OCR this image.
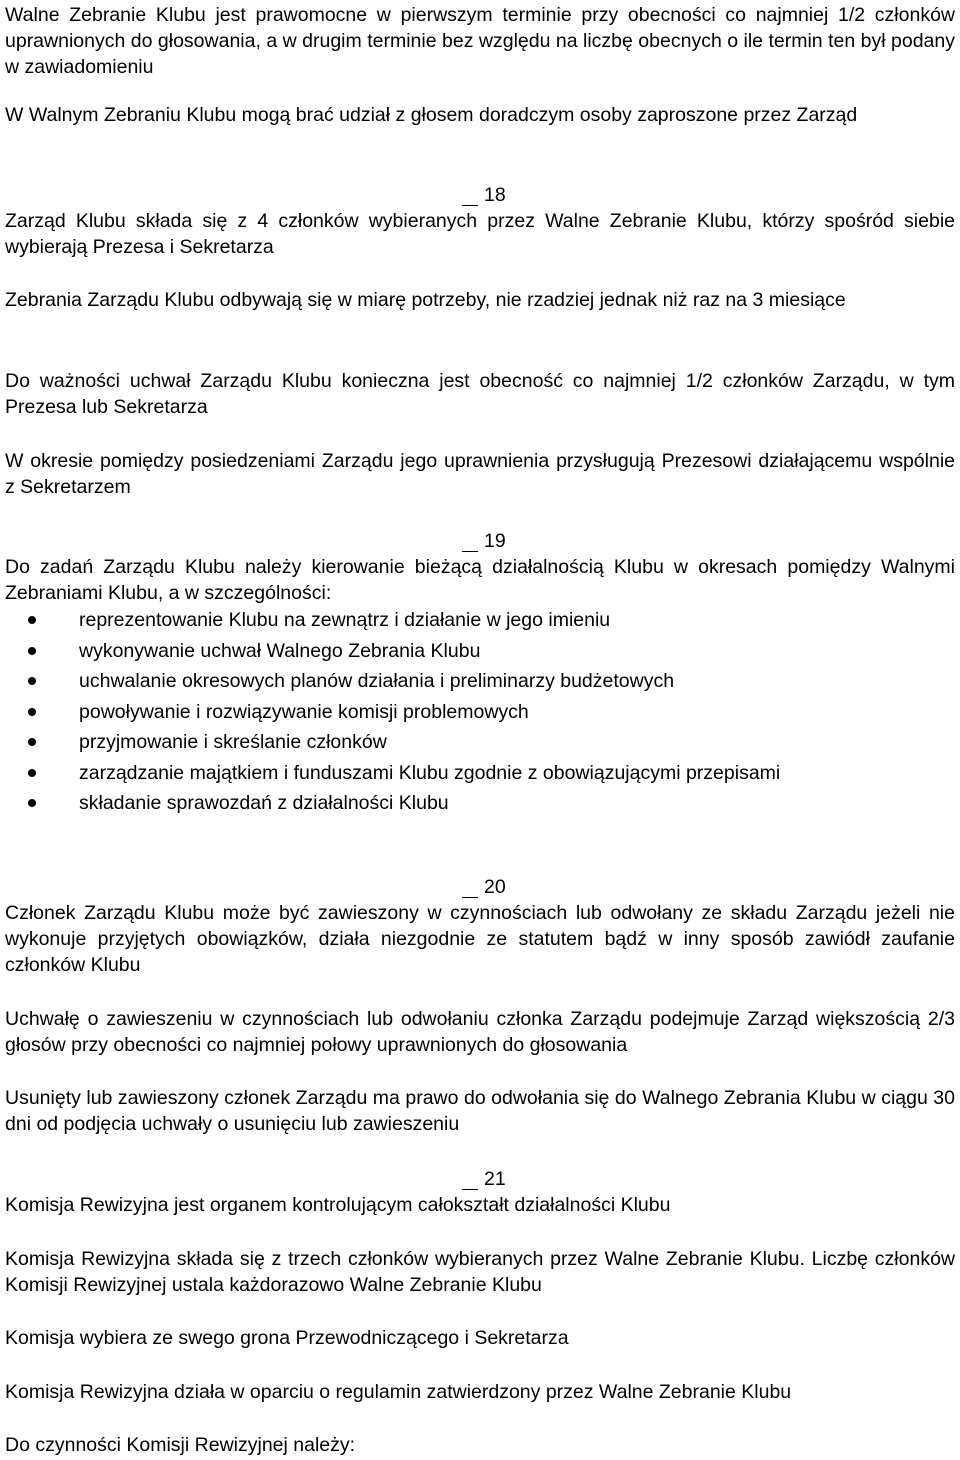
Walne Zebranie Klubu jest prawomocne w pierwszym terminie przy obecności co najmniej 1/2 członków uprawnionych do głosowania, a w drugim terminie bez względu na liczbę obecnych o ile termin ten był podany w zawiadomieniu

W Walnym Zebraniu Klubu mogą brać udział z głosem doradczym osoby zaproszone przez Zarząd

18

Zarząd Klubu składa się z 4 członków wybieranych przez Walne Zebranie Klubu, którzy spośród siebie wybierają Prezesa i Sekretarza

Zebrania Zarządu Klubu odbywają się w miarę potrzeby, nie rzadziej jednak niż raz na 3 miesiące

Do ważności uchwał Zarządu Klubu konieczna jest obecność co najmniej 1/2 członków Zarządu, w tym Prezesa lub Sekretarza

W okresie pomiędzy posiedzeniami Zarządu jego uprawnienia przysługują Prezesowi działającemu wspólnie z Sekretarzem

19

Do zadań Zarządu Klubu należy kierowanie bieżącą działalnością Klubu w okresach pomiędzy Walnymi Zebraniami Klubu, a w szczególności:

reprezentowanie Klubu na zewnątrz i działanie w jego imieniu
wykonywanie uchwał Walnego Zebrania Klubu
uchwalanie okresowych planów działania i preliminarzy budżetowych
powoływanie i rozwiązywanie komisji problemowych
przyjmowanie i skreślanie członków
zarządzanie majątkiem i funduszami Klubu zgodnie z obowiązującymi przepisami
składanie sprawozdań z działalności Klubu
20

Członek Zarządu Klubu może być zawieszony w czynnościach lub odwołany ze składu Zarządu jeżeli nie wykonuje przyjętych obowiązków, działa niezgodnie ze statutem bądź w inny sposób zawiódł zaufanie członków Klubu

Uchwałę o zawieszeniu w czynnościach lub odwołaniu członka Zarządu podejmuje Zarząd większością 2/3 głosów przy obecności co najmniej połowy uprawnionych do głosowania

Usunięty lub zawieszony członek Zarządu ma prawo do odwołania się do Walnego Zebrania Klubu w ciągu 30 dni od podjęcia uchwały o usunięciu lub zawieszeniu

21

Komisja Rewizyjna jest organem kontrolującym całokształt działalności Klubu

Komisja Rewizyjna składa się z trzech członków wybieranych przez Walne Zebranie Klubu. Liczbę członków Komisji Rewizyjnej ustala każdorazowo Walne Zebranie Klubu

Komisja wybiera ze swego grona Przewodniczącego i Sekretarza

Komisja Rewizyjna działa w oparciu o regulamin zatwierdzony przez Walne Zebranie Klubu

Do czynności Komisji Rewizyjnej należy:
